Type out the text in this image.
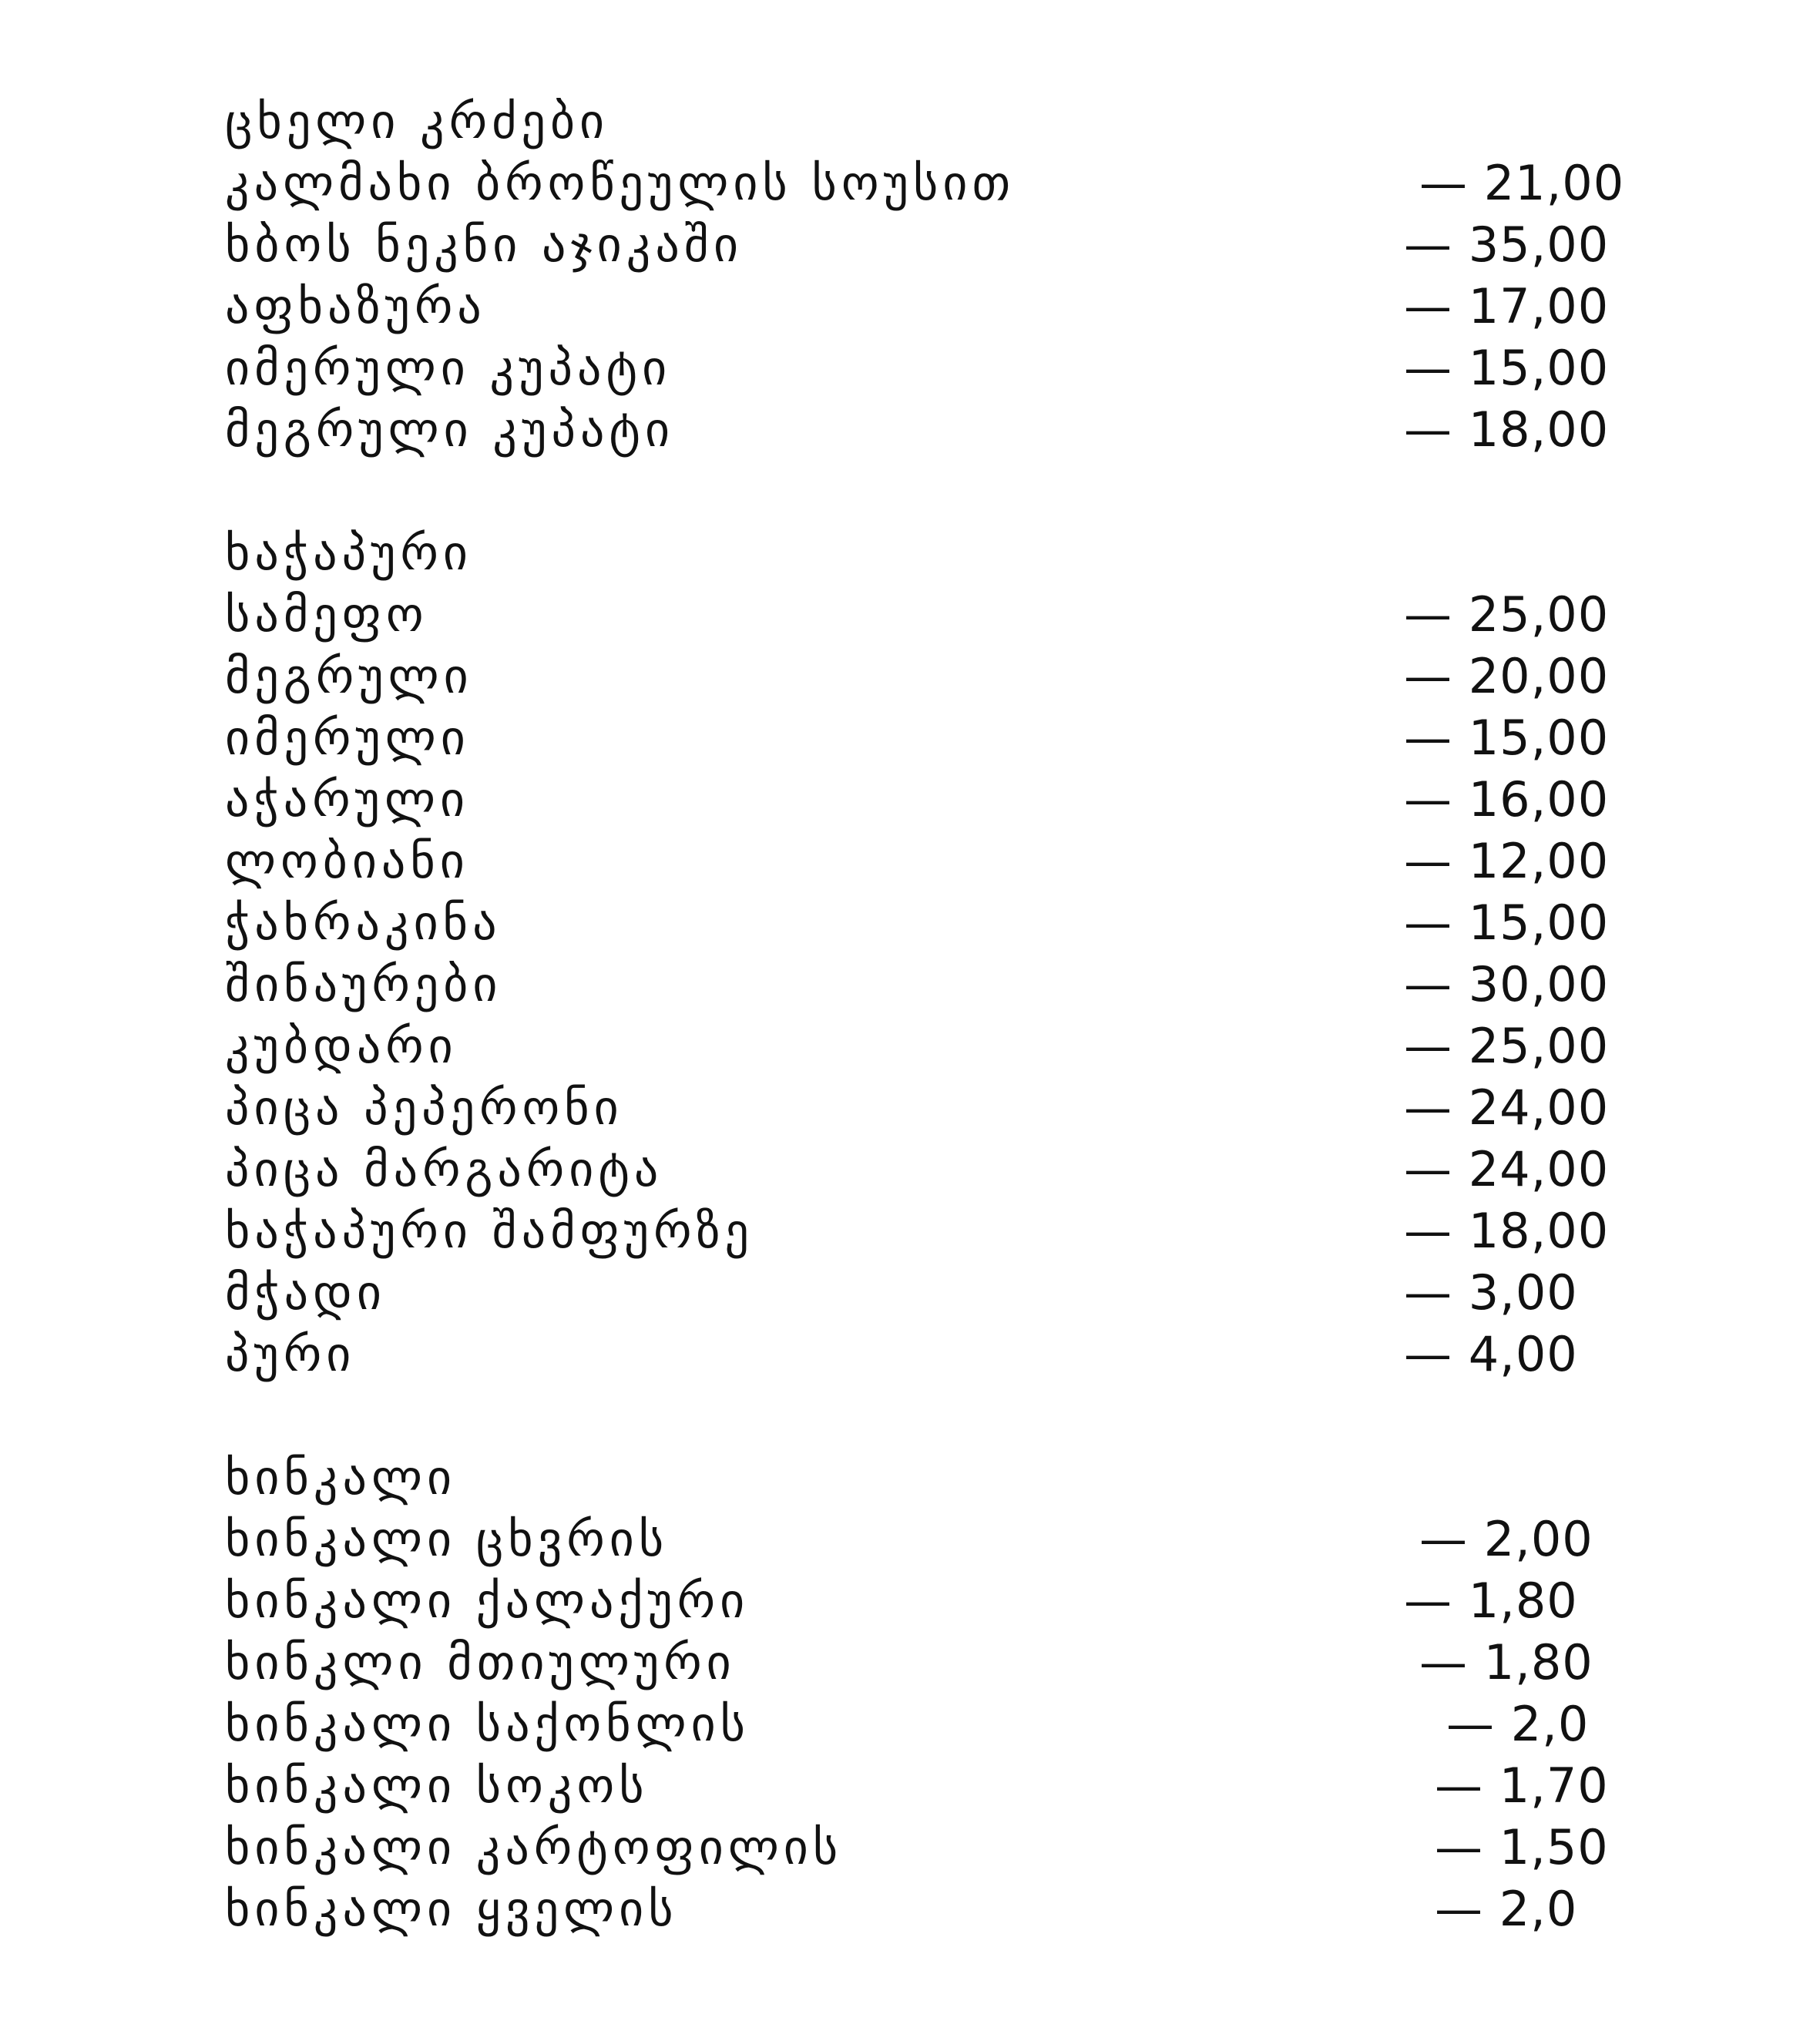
ცხელი კრძები
კალმახი ბროწეულის სოუსით	— 21,00
ხბოს ნეკნი აჯიკაში	— 35,00
აფხაზურა	— 17,00
იმერული კუპატი	— 15,00
მეგრული კუპატი	— 18,00
ხაჭაპური
სამეფო	— 25,00
მეგრული	— 20,00
იმერული	— 15,00
აჭარული	— 16,00
ლობიანი	— 12,00
ჭახრაკინა	— 15,00
შინაურები	— 30,00
კუბდარი	— 25,00
პიცა პეპერონი	— 24,00
პიცა მარგარიტა	— 24,00
ხაჭაპური შამფურზე	— 18,00
მჭადი	— 3,00
პური	— 4,00
ხინკალი
ხინკალი ცხვრის	— 2,00
ხინკალი ქალაქური	— 1,80
ხინკლი მთიულური	— 1,80
ხინკალი საქონლის	— 2,0
ხინკალი სოკოს	— 1,70
ხინკალი კარტოფილის	— 1,50
ხინკალი ყველის	— 2,0
